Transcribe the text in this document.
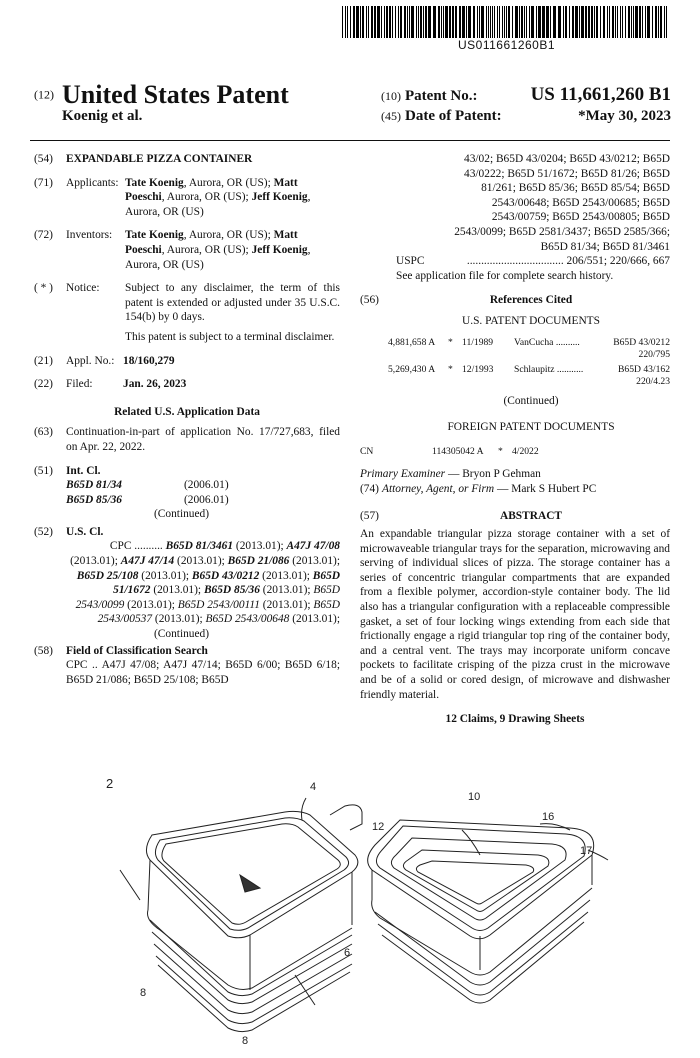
US011661260B1
(12) United States Patent
Koenig et al.
(10) Patent No.:	US 11,661,260 B1
(45) Date of Patent:	*May 30, 2023
(54)	EXPANDABLE PIZZA CONTAINER
(71)	Applicants: Tate Koenig, Aurora, OR (US); Matt Poeschi, Aurora, OR (US); Jeff Koenig, Aurora, OR (US)
(72)	Inventors:	Tate Koenig, Aurora, OR (US); Matt Poeschi, Aurora, OR (US); Jeff Koenig, Aurora, OR (US)
( * )	Notice:	Subject to any disclaimer, the term of this patent is extended or adjusted under 35 U.S.C. 154(b) by 0 days.
This patent is subject to a terminal disclaimer.
(21)	Appl. No.: 18/160,279
(22)	Filed:	Jan. 26, 2023
Related U.S. Application Data
(63)	Continuation-in-part of application No. 17/727,683, filed on Apr. 22, 2022.
(51)	Int. Cl.
B65D 81/34	(2006.01)
B65D 85/36	(2006.01)
(Continued)
(52)	U.S. Cl.
CPC .......... B65D 81/3461 (2013.01); A47J 47/08 (2013.01); A47J 47/14 (2013.01); B65D 21/086 (2013.01); B65D 25/108 (2013.01); B65D 43/0212 (2013.01); B65D 51/1672 (2013.01); B65D 85/36 (2013.01); B65D 2543/0099 (2013.01); B65D 2543/00111 (2013.01); B65D 2543/00537 (2013.01); B65D 2543/00648 (2013.01);
(Continued)
(58)	Field of Classification Search
CPC .. A47J 47/08; A47J 47/14; B65D 6/00; B65D 6/18; B65D 21/086; B65D 25/108; B65D
43/02; B65D 43/0204; B65D 43/0212; B65D 43/0222; B65D 51/1672; B65D 81/26; B65D 81/261; B65D 85/36; B65D 85/54; B65D 2543/00648; B65D 2543/00685; B65D 2543/00759; B65D 2543/00805; B65D 2543/0099; B65D 2581/3437; B65D 2585/366; B65D 81/34; B65D 81/3461
USPC	.................................. 206/551; 220/666, 667
See application file for complete search history.
(56)	References Cited
U.S. PATENT DOCUMENTS
4,881,658 A	* 11/1989	VanCucha ..........	B65D 43/0212
220/795
5,269,430 A	* 12/1993	Schlaupitz ...........	B65D 43/162
220/4.23
(Continued)
FOREIGN PATENT DOCUMENTS
CN	114305042 A	* 4/2022
Primary Examiner — Bryon P Gehman
(74) Attorney, Agent, or Firm — Mark S Hubert PC
(57)	ABSTRACT
An expandable triangular pizza storage container with a set of microwaveable triangular trays for the separation, microwaving and serving of individual slices of pizza. The storage container has a series of concentric triangular compartments that are expanded from a flexible polymer, accordion-style container body. The lid also has a triangular configuration with a replaceable compressible gasket, a set of four locking wings extending from each side that frictionally engage a rigid triangular top ring of the container body, and a central vent. The trays may incorporate uniform concave pockets to facilitate crisping of the pizza crust in the microwave and be of a solid or cored design, of microwave and dishwasher friendly material.
12 Claims, 9 Drawing Sheets
2	4
10
12
16
17
6
8
8
